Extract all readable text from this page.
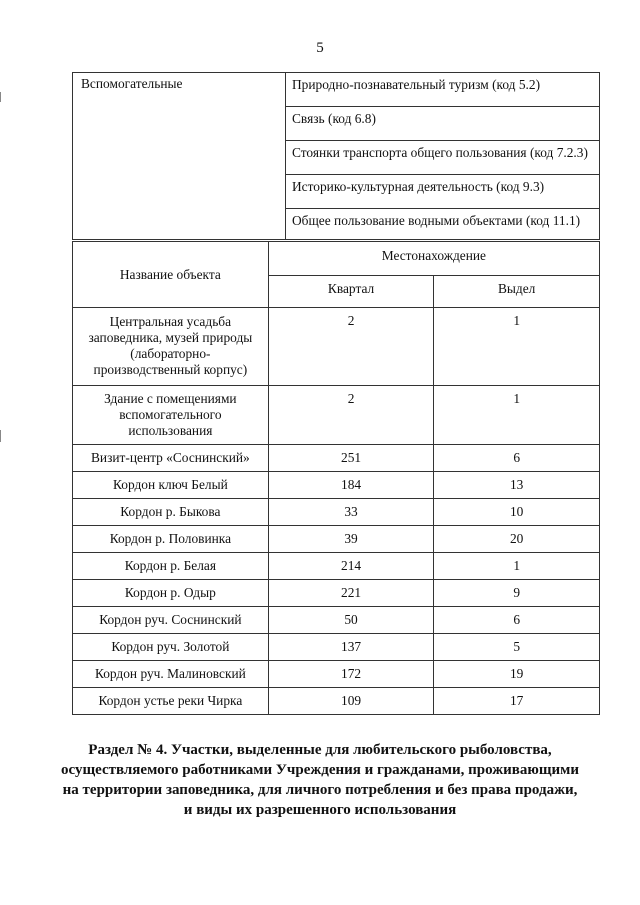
5
Вспомогательные	Природно-познавательный туризм (код 5.2)
Связь (код 6.8)
Стоянки транспорта общего пользования (код 7.2.3)
Историко-культурная деятельность (код 9.3)
Общее пользование водными объектами (код 11.1)
Название объекта	Местонахождение	
	Квартал	Выдел
Центральная усадьба заповедника, музей природы (лабораторно-производственный корпус)	2	1
Здание с помещениями вспомогательного использования	2	1
Визит-центр «Соснинский»	251	6
Кордон ключ Белый	184	13
Кордон р. Быкова	33	10
Кордон р. Половинка	39	20
Кордон р. Белая	214	1
Кордон р. Одыр	221	9
Кордон руч. Соснинский	50	6
Кордон руч. Золотой	137	5
Кордон руч. Малиновский	172	19
Кордон устье реки Чирка	109	17
Раздел № 4. Участки, выделенные для любительского рыболовства,
осуществляемого работниками Учреждения и гражданами, проживающими
на территории заповедника, для личного потребления и без права продажи,
и виды их разрешенного использования
